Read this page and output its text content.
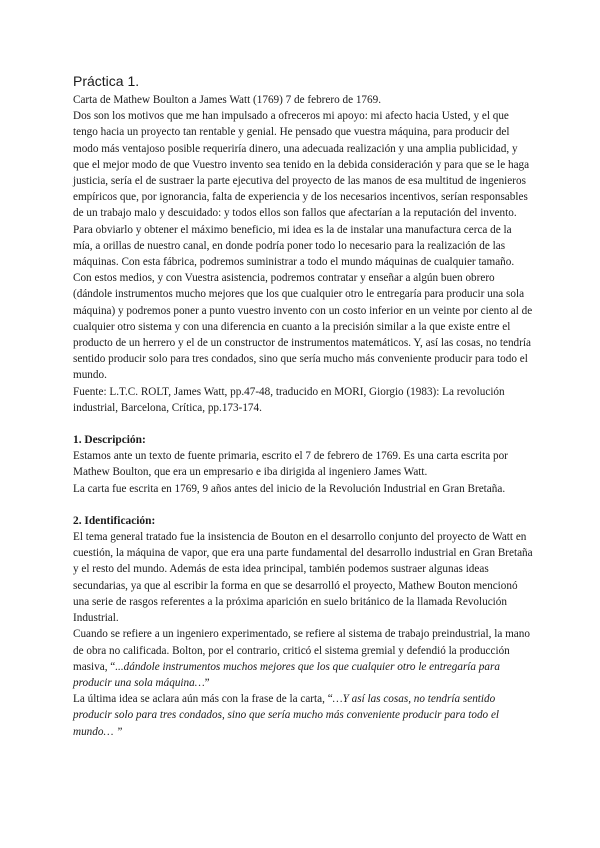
Práctica 1.

Carta de Mathew Boulton a James Watt (1769) 7 de febrero de 1769.

Dos son los motivos que me han impulsado a ofreceros mi apoyo: mi afecto hacia Usted, y el que tengo hacia un proyecto tan rentable y genial. He pensado que vuestra máquina, para producir del modo más ventajoso posible requeriría dinero, una adecuada realización y una amplia publicidad, y que el mejor modo de que Vuestro invento sea tenido en la debida consideración y para que se le haga justicia, sería el de sustraer la parte ejecutiva del proyecto de las manos de esa multitud de ingenieros empíricos que, por ignorancia, falta de experiencia y de los necesarios incentivos, serían responsables de un trabajo malo y descuidado: y todos ellos son fallos que afectarían a la reputación del invento. Para obviarlo y obtener el máximo beneficio, mi idea es la de instalar una manufactura cerca de la mía, a orillas de nuestro canal, en donde podría poner todo lo necesario para la realización de las máquinas. Con esta fábrica, podremos suministrar a todo el mundo máquinas de cualquier tamaño. Con estos medios, y con Vuestra asistencia, podremos contratar y enseñar a algún buen obrero (dándole instrumentos mucho mejores que los que cualquier otro le entregaría para producir una sola máquina) y podremos poner a punto vuestro invento con un costo inferior en un veinte por ciento al de cualquier otro sistema y con una diferencia en cuanto a la precisión similar a la que existe entre el producto de un herrero y el de un constructor de instrumentos matemáticos. Y, así las cosas, no tendría sentido producir solo para tres condados, sino que sería mucho más conveniente producir para todo el mundo.

Fuente: L.T.C. ROLT, James Watt, pp.47-48, traducido en MORI, Giorgio (1983): La revolución industrial, Barcelona, Crítica, pp.173-174.

1. Descripción:

Estamos ante un texto de fuente primaria, escrito el 7 de febrero de 1769. Es una carta escrita por Mathew Boulton, que era un empresario e iba dirigida al ingeniero James Watt.

La carta fue escrita en 1769, 9 años antes del inicio de la Revolución Industrial en Gran Bretaña.

2. Identificación:

El tema general tratado fue la insistencia de Bouton en el desarrollo conjunto del proyecto de Watt en cuestión, la máquina de vapor, que era una parte fundamental del desarrollo industrial en Gran Bretaña y el resto del mundo. Además de esta idea principal, también podemos sustraer algunas ideas secundarias, ya que al escribir la forma en que se desarrolló el proyecto, Mathew Bouton mencionó una serie de rasgos referentes a la próxima aparición en suelo británico de la llamada Revolución Industrial.

Cuando se refiere a un ingeniero experimentado, se refiere al sistema de trabajo preindustrial, la mano de obra no calificada. Bolton, por el contrario, criticó el sistema gremial y defendió la producción masiva, “...dándole instrumentos muchos mejores que los que cualquier otro le entregaría para producir una sola máquina…”

La última idea se aclara aún más con la frase de la carta, “…Y así las cosas, no tendría sentido producir solo para tres condados, sino que sería mucho más conveniente producir para todo el mundo… ”
